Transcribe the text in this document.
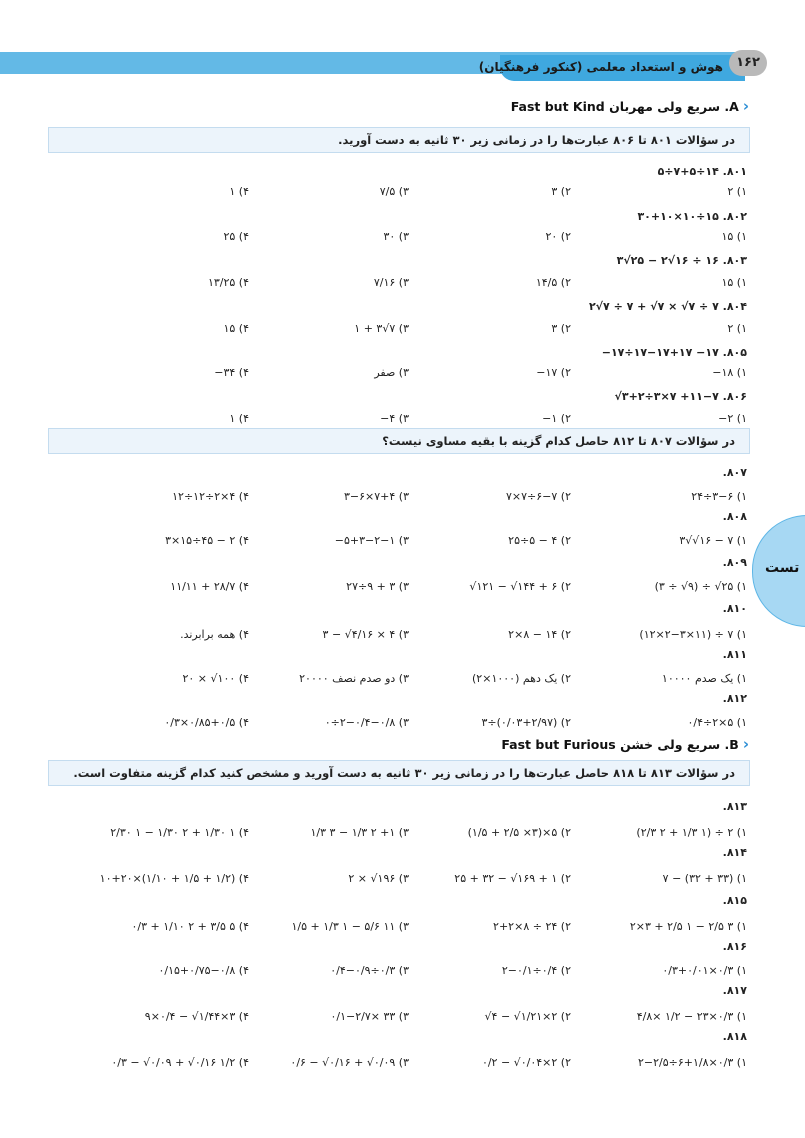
هوش و استعداد معلمی (کنکور فرهنگیان)	۱۶۲
تست
‹
A. سریع ولی مهربان Fast but Kind
در سؤالات ۸۰۱ تا ۸۰۶ عبارت‌ها را در زمانی زیر ۳۰ ثانیه به دست آورید.
۸۰۱. ۱۴÷۷+۵÷۵
۱) ۲
۲) ۳
۳) ۷/۵
۴) ۱
۸۰۲. ۱۵÷۱۰×۳۰+۱۰
۱) ۱۵
۲) ۲۰
۳) ۳۰
۴) ۲۵
۸۰۳. ۱۶ ÷ ۱۶√۲ − ۲۵√۳
۱) ۱۵
۲) ۱۴/۵
۳) ۷/۱۶
۴) ۱۳/۲۵
۸۰۴. ۷ ÷ ۷√ × ۷√ + ۷ ÷ ۷√۲
۱) ۲
۲) ۳
۳) ۷√۳ + ۱
۴) ۱۵
۸۰۵. ۱۷− ۱۷−۱۷+۱۷÷۱۷−
۱) ۱۸−
۲) ۱۷−
۳) صفر
۴) ۳۴−
۸۰۶. ۱۱−۷+ ۷×۳÷۳+۲√
۱) ۲−
۲) ۱−
۳) ۴−
۴) ۱
۸۰۷.
۱) ۳−۶÷۲۴
۲) ۶−۷÷۷×۷
۳) ۷+۴×۳−۶
۴) ۴×۲÷۱۲÷۱۲
۸۰۸.
۱) ۷ − ۱۶√√۳
۲) ۴ − ۵÷۲۵
۳) ۵+۳−۲−۱−
۴) ۲ − ۴۵÷۱۵×۳
۸۰۹.
۱) ۲۵√ ÷ (۹√ ÷ ۳)
۲) ۶ + ۱۴۴√ − ۱۲۱√
۳) ۳ + ۹÷۲۷
۴) ۲۸/۷ + ۱۱/۱۱
۸۱۰.
۱) ۷ ÷ (۱۱×۲−۳×۱۲)
۲) ۱۴ − ۸×۲
۳) ۴ × ۴/۱۶√ − ۳
۴) همه برابرند.
۸۱۱.
۱) یک صدم ۱۰۰۰۰
۲) یک دهم (۱۰۰۰×۲)
۳) دو صدم نصف ۲۰۰۰۰
۴) ۱۰۰√ × ۲۰
۸۱۲.
۱) ۵×۲÷۰/۴
۲) (۰/۰۳+۲/۹۷)÷۳
۳) ۲−۰/۴−۰/۸÷۰
۴) ۰/۸۵+۰/۵×۰/۳
۸۱۳.
۱) ۲ ÷ (۱ ۱/۳ + ۲ ۲/۳)
۲) ۵×(۳× ۲/۵ + ۱/۵)
۳) ۱+ ۲ ۱/۳ − ۳ ۱/۳
۴) ۱ ۱/۳۰ + ۲ ۱/۳۰ − ۱ ۲/۳۰
۸۱۴.
۱) (۳۳ + ۳۲) − ۷
۲) ۱ + ۱۶۹√ − ۳۲ + ۲۵
۳) ۱۹۶√ × ۲
۴) (۱/۲ + ۱/۵ + ۱/۱۰)×۱۰+۲۰
۸۱۵.
۱) ۳ ۲/۵ − ۱ ۲/۵ + ۳×۲
۲) ۲۴ ÷ ۸×۲+۲
۳) ۱۱ ۵/۶ − ۱ ۱/۳ + ۱/۵
۴) ۵ ۳/۵ + ۲ ۱/۱۰ + ۰/۳
۸۱۶.
۱) ۰/۳×۰/۳+۰/۰۱
۲) ۰/۴÷۲−۰/۱
۳) ۰/۳÷۰/۴−۰/۹
۴) ۰/۱۵+۰/۷۵−۰/۸
۸۱۷.
۱) ۰/۳×۲۳ − ۱/۲ ×۴/۸
۲) ۲×۱/۲۱√ − ۴√
۳) ۳۳ ×۰/۱−۲/۷
۴) ۳×۱/۴۴√ − ۰/۴×۹
۸۱۸.
۱) ۰/۳×۶+۱/۸÷۲−۲/۵
۲) ۲×۰/۰۴√ − ۰/۲
۳) ۰/۰۹√ + ۰/۱۶√ − ۰/۶
۴) ۱/۲ ۰/۱۶√ + ۰/۰۹√ − ۰/۳
در سؤالات ۸۰۷ تا ۸۱۲ حاصل کدام گزینه با بقیه مساوی نیست؟
‹
B. سریع ولی خشن Fast but Furious
در سؤالات ۸۱۳ تا ۸۱۸ حاصل عبارت‌ها را در زمانی زیر ۳۰ ثانیه به دست آورید و مشخص کنید کدام گزینه متفاوت است.
